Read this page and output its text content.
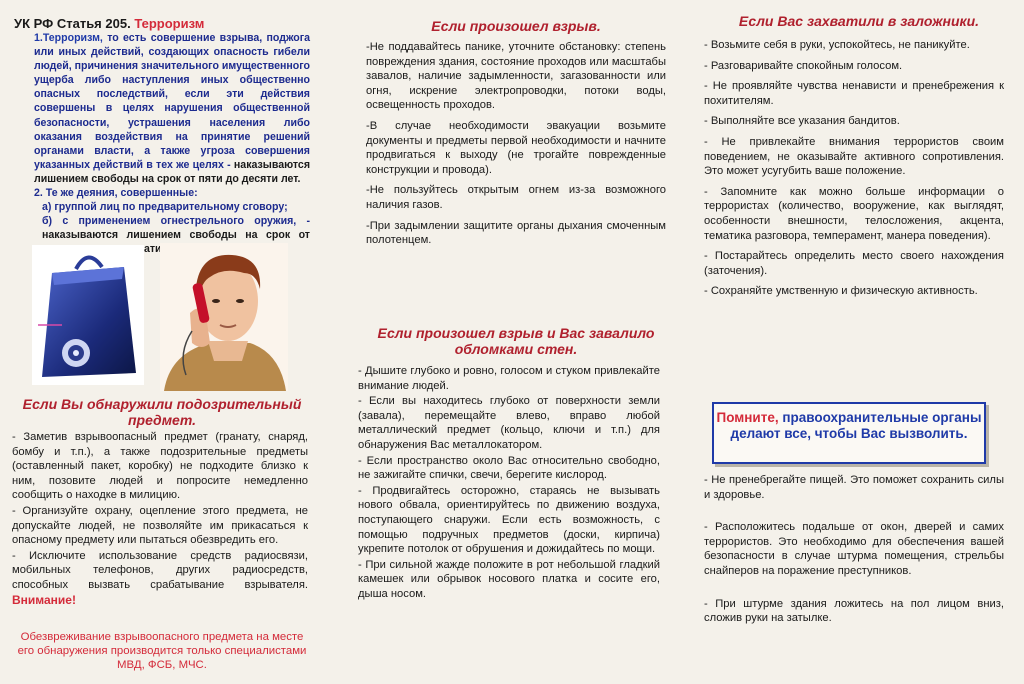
УК РФ Статья 205. Терроризм
1.Терроризм, то есть совершение взрыва, поджога или иных действий, создающих опасность гибели людей, причинения значительного имущественного ущерба либо наступления иных общественно опасных последствий, если эти действия совершены в целях нарушения общественной безопасности, устрашения населения либо оказания воздействия на принятие решений органами власти, а также угроза совершения указанных действий в тех же целях - наказываются лишением свободы на срок от пяти до десяти лет.
2. Те же деяния, совершенные:
а) группой лиц по предварительному сговору;
б) с применением огнестрельного оружия, - наказываются лишением свободы на срок от
Если Вы обнаружили подозрительный предмет.

- Заметив взрывоопасный предмет (гранату, снаряд, бомбу и т.п.), а также подозрительные предметы (оставленный пакет, коробку) не подходите близко к ним, позовите людей и попросите немедленно сообщить о находке в милицию.

- Организуйте охрану, оцепление этого предмета, не допускайте людей, не позволяйте им прикасаться к опасному предмету или пытаться обезвредить его.

- Исключите использование средств радиосвязи, мобильных телефонов, других радиосредств, способных вызвать срабатывание взрывателя. Внимание!

Обезвреживание взрывоопасного предмета на месте его обнаружения производится только специалистами МВД, ФСБ, МЧС.
Если произошел взрыв.

-Не поддавайтесь панике, уточните обстановку: степень повреждения здания, состояние проходов или масштабы завалов, наличие задымленности, загазованности или огня, искрение электропроводки, потоки воды, освещенность проходов.

-В случае необходимости эвакуации возьмите документы и предметы первой необходимости и начните продвигаться к выходу (не трогайте поврежденные конструкции и провода).

-Не пользуйтесь открытым огнем из-за возможного наличия газов.

-При задымлении защитите органы дыхания смоченным полотенцем.

Если произошел взрыв и Вас завалило обломками стен.

- Дышите глубоко и ровно, голосом и стуком привлекайте внимание людей.

- Если вы находитесь глубоко от поверхности земли (завала), перемещайте влево, вправо любой металлический предмет (кольцо, ключи и т.п.) для обнаружения Вас металлокатором.

- Если пространство около Вас относительно свободно, не зажигайте спички, свечи, берегите кислород.

- Продвигайтесь осторожно, стараясь не вызывать нового обвала, ориентируйтесь по движению воздуха, поступающего снаружи. Если есть возможность, с помощью подручных предметов (доски, кирпича) укрепите потолок от обрушения и дожидайтесь по мощи.

- При сильной жажде положите в рот небольшой гладкий камешек или обрывок носового платка и сосите его, дыша носом.

Если Вас захватили в заложники.

- Возьмите себя в руки, успокойтесь, не паникуйте.

- Разговаривайте спокойным голосом.

- Не проявляйте чувства ненависти и пренебрежения к похитителям.

- Выполняйте все указания бандитов.

- Не привлекайте внимания террористов своим поведением, не оказывайте активного сопротивления. Это может усугубить ваше положение.

- Запомните как можно больше информации о террористах (количество, вооружение, как выглядят, особенности внешности, телосложения, акцента, тематика разговора, темперамент, манера поведения).

- Постарайтесь определить место своего нахождения (заточения).

- Сохраняйте умственную и физическую активность.

Помните, правоохранительные органы делают все, чтобы Вас вызволить.

- Не пренебрегайте пищей. Это поможет сохранить силы и здоровье.

- Расположитесь подальше от окон, дверей и самих террористов. Это необходимо для обеспечения вашей безопасности в случае штурма помещения, стрельбы снайперов на поражение преступников.

- При штурме здания ложитесь на пол лицом вниз, сложив руки на затылке.
